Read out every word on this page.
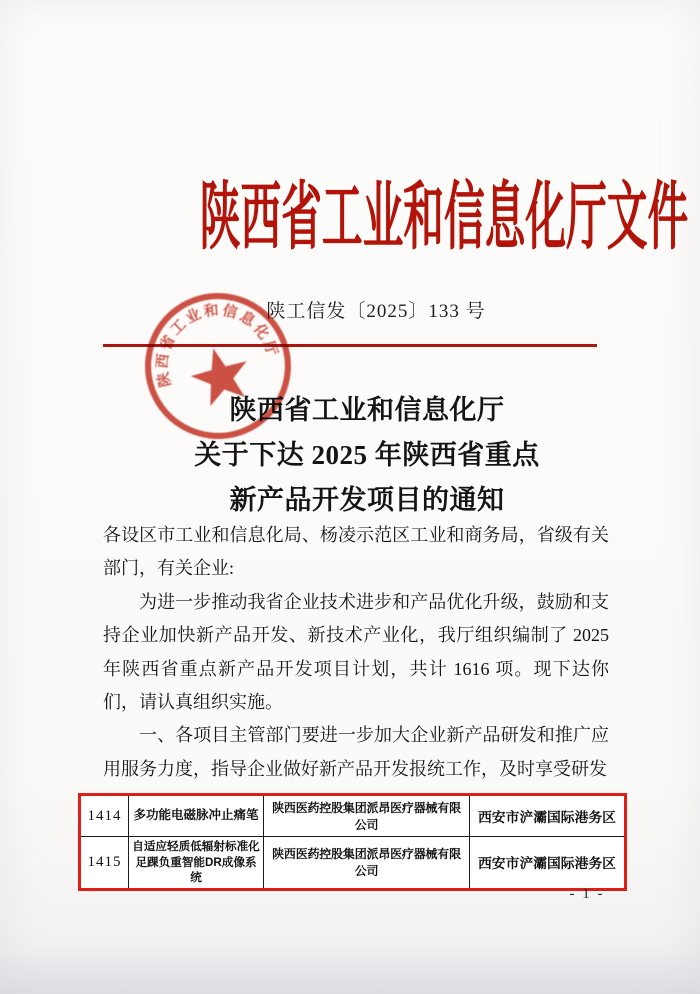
陕西省工业和信息化厅文件
陕工信发〔2025〕133 号
陕西省工业和信息化厅
陕西省工业和信息化厅
关于下达 2025 年陕西省重点
新产品开发项目的通知

各设区市工业和信息化局、杨凌示范区工业和商务局，省级有关部门，有关企业:

为进一步推动我省企业技术进步和产品优化升级，鼓励和支持企业加快新产品开发、新技术产业化，我厅组织编制了 2025 年陕西省重点新产品开发项目计划，共计 1616 项。现下达你们，请认真组织实施。

一、各项目主管部门要进一步加大企业新产品研发和推广应用服务力度，指导企业做好新产品开发报统工作，及时享受研发

1414 多功能电磁脉冲止痛笔
陕西医药控股集团派昂医疗器械有限公司	西安市浐灞国际港务区
1415
自适应轻质低辐射标准化足踝负重智能DR成像系统
陕西医药控股集团派昂医疗器械有限公司	西安市浐灞国际港务区
- 1 -
